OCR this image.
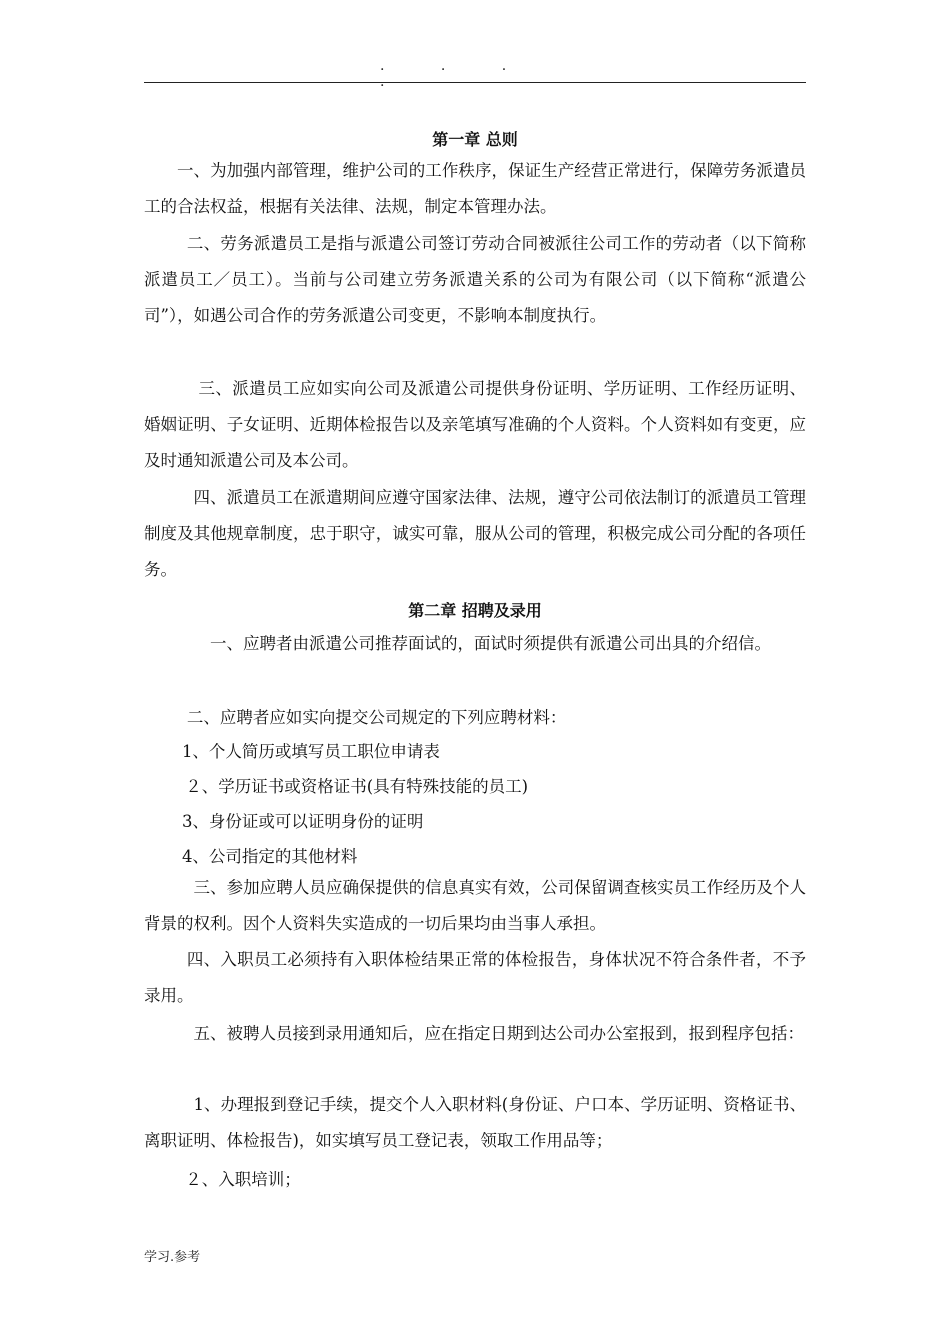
. . . .
第一章 总则
一、为加强内部管理，维护公司的工作秩序，保证生产经营正常进行，保障劳务派遣员工的合法权益，根据有关法律、法规，制定本管理办法。
二、劳务派遣员工是指与派遣公司签订劳动合同被派往公司工作的劳动者（以下简称派遣员工／员工）。当前与公司建立劳务派遣关系的公司为有限公司（以下简称“派遣公司”），如遇公司合作的劳务派遣公司变更，不影响本制度执行。
三、派遣员工应如实向公司及派遣公司提供身份证明、学历证明、工作经历证明、婚姻证明、子女证明、近期体检报告以及亲笔填写准确的个人资料。个人资料如有变更，应及时通知派遣公司及本公司。
四、派遣员工在派遣期间应遵守国家法律、法规，遵守公司依法制订的派遣员工管理制度及其他规章制度，忠于职守，诚实可靠，服从公司的管理，积极完成公司分配的各项任务。
第二章 招聘及录用
一、应聘者由派遣公司推荐面试的，面试时须提供有派遣公司出具的介绍信。
二、应聘者应如实向提交公司规定的下列应聘材料：
1、个人简历或填写员工职位申请表
２、学历证书或资格证书(具有特殊技能的员工)
3、身份证或可以证明身份的证明
4、公司指定的其他材料
三、参加应聘人员应确保提供的信息真实有效，公司保留调查核实员工作经历及个人背景的权利。因个人资料失实造成的一切后果均由当事人承担。
四、入职员工必须持有入职体检结果正常的体检报告，身体状况不符合条件者，不予录用。
五、被聘人员接到录用通知后，应在指定日期到达公司办公室报到，报到程序包括：
1、办理报到登记手续，提交个人入职材料(身份证、户口本、学历证明、资格证书、离职证明、体检报告)，如实填写员工登记表，领取工作用品等；
２、入职培训；
学习.参考
